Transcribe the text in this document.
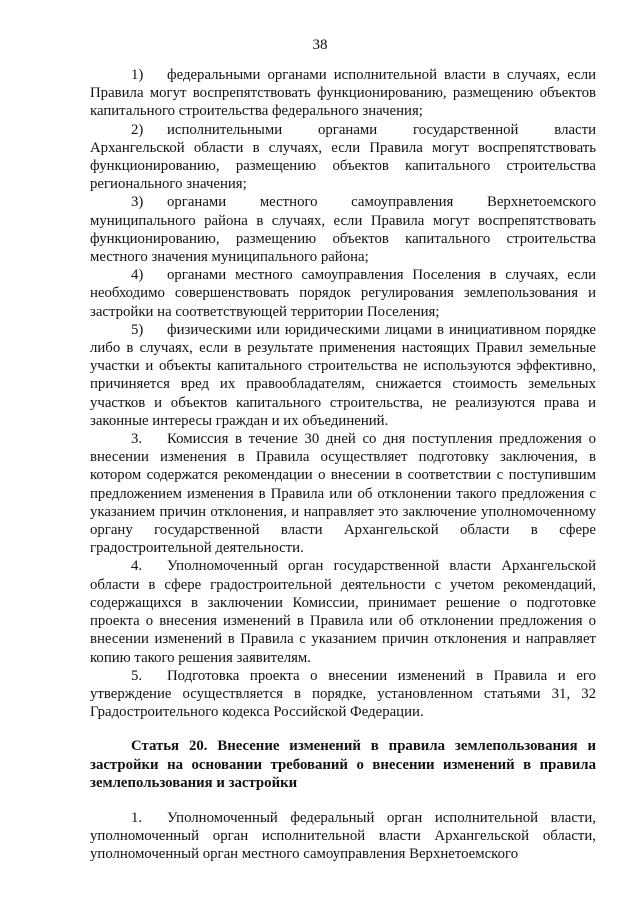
38

1) федеральными органами исполнительной власти в случаях, если Правила могут воспрепятствовать функционированию, размещению объектов капитального строительства федерального значения;

2) исполнительными органами государственной власти Архангельской области в случаях, если Правила могут воспрепятствовать функционированию, размещению объектов капитального строительства регионального значения;

3) органами местного самоуправления Верхнетоемского муниципального района в случаях, если Правила могут воспрепятствовать функционированию, размещению объектов капитального строительства местного значения муниципального района;

4) органами местного самоуправления Поселения в случаях, если необходимо совершенствовать порядок регулирования землепользования и застройки на соответствующей территории Поселения;

5) физическими или юридическими лицами в инициативном порядке либо в случаях, если в результате применения настоящих Правил земельные участки и объекты капитального строительства не используются эффективно, причиняется вред их правообладателям, снижается стоимость земельных участков и объектов капитального строительства, не реализуются права и законные интересы граждан и их объединений.

3. Комиссия в течение 30 дней со дня поступления предложения о внесении изменения в Правила осуществляет подготовку заключения, в котором содержатся рекомендации о внесении в соответствии с поступившим предложением изменения в Правила или об отклонении такого предложения с указанием причин отклонения, и направляет это заключение уполномоченному органу государственной власти Архангельской области в сфере градостроительной деятельности.

4. Уполномоченный орган государственной власти Архангельской области в сфере градостроительной деятельности с учетом рекомендаций, содержащихся в заключении Комиссии, принимает решение о подготовке проекта о внесения изменений в Правила или об отклонении предложения о внесении изменений в Правила с указанием причин отклонения и направляет копию такого решения заявителям.

5. Подготовка проекта о внесении изменений в Правила и его утверждение осуществляется в порядке, установленном статьями 31, 32 Градостроительного кодекса Российской Федерации.

Статья 20. Внесение изменений в правила землепользования и застройки на основании требований о внесении изменений в правила землепользования и застройки

1. Уполномоченный федеральный орган исполнительной власти, уполномоченный орган исполнительной власти Архангельской области, уполномоченный орган местного самоуправления Верхнетоемского
